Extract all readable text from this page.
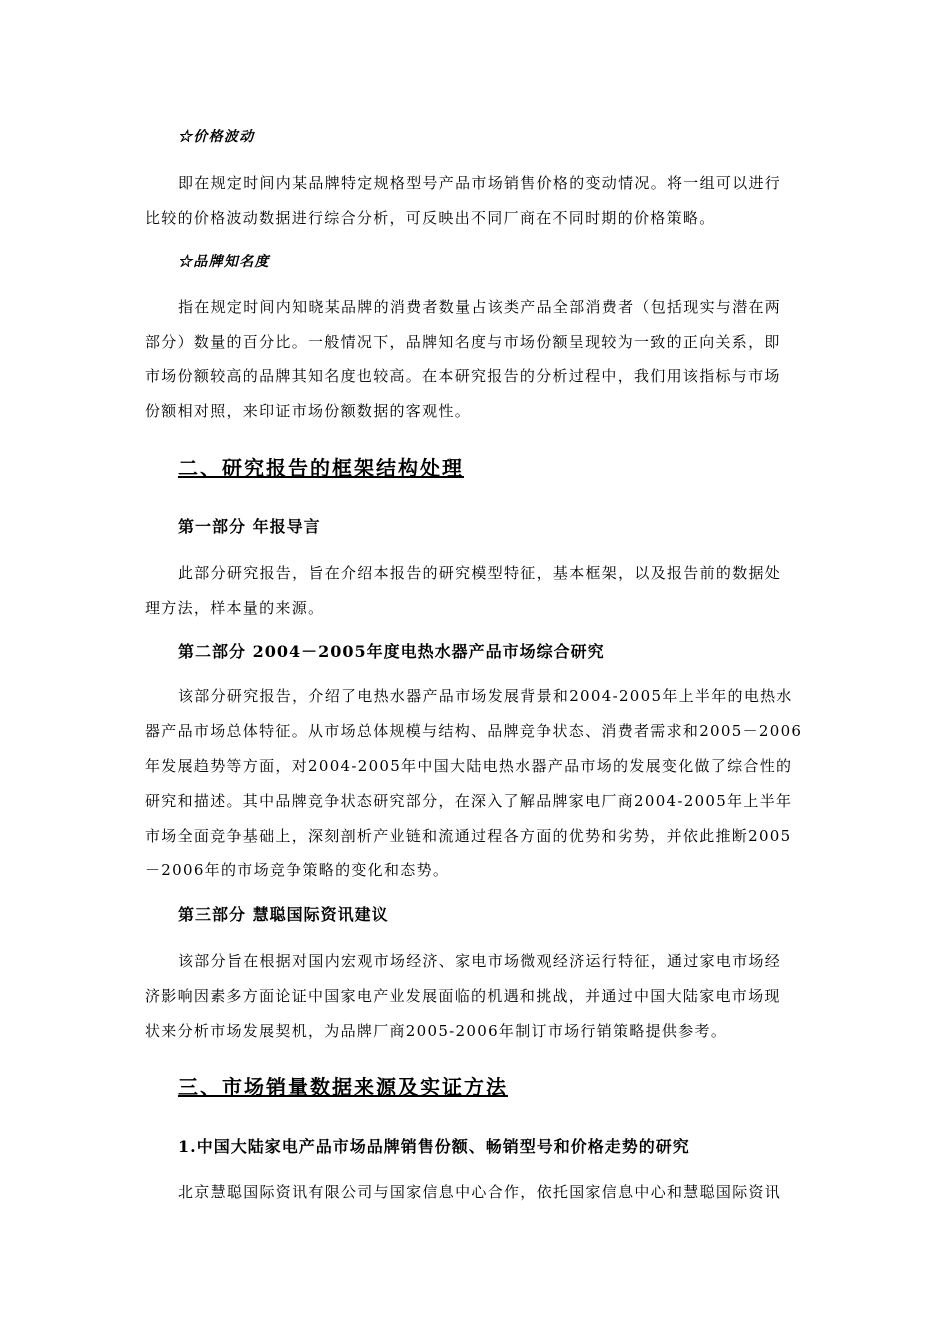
☆价格波动
即在规定时间内某品牌特定规格型号产品市场销售价格的变动情况。将一组可以进行
比较的价格波动数据进行综合分析，可反映出不同厂商在不同时期的价格策略。
☆品牌知名度
指在规定时间内知晓某品牌的消费者数量占该类产品全部消费者（包括现实与潜在两
部分）数量的百分比。一般情况下，品牌知名度与市场份额呈现较为一致的正向关系，即
市场份额较高的品牌其知名度也较高。在本研究报告的分析过程中，我们用该指标与市场
份额相对照，来印证市场份额数据的客观性。
二、研究报告的框架结构处理
第一部分 年报导言
此部分研究报告，旨在介绍本报告的研究模型特征，基本框架，以及报告前的数据处
理方法，样本量的来源。
第二部分 2004－2005年度电热水器产品市场综合研究
该部分研究报告，介绍了电热水器产品市场发展背景和2004-2005年上半年的电热水
器产品市场总体特征。从市场总体规模与结构、品牌竞争状态、消费者需求和2005－2006
年发展趋势等方面，对2004-2005年中国大陆电热水器产品市场的发展变化做了综合性的
研究和描述。其中品牌竞争状态研究部分，在深入了解品牌家电厂商2004-2005年上半年
市场全面竞争基础上，深刻剖析产业链和流通过程各方面的优势和劣势，并依此推断2005
－2006年的市场竞争策略的变化和态势。
第三部分 慧聪国际资讯建议
该部分旨在根据对国内宏观市场经济、家电市场微观经济运行特征，通过家电市场经
济影响因素多方面论证中国家电产业发展面临的机遇和挑战，并通过中国大陆家电市场现
状来分析市场发展契机，为品牌厂商2005-2006年制订市场行销策略提供参考。
三、市场销量数据来源及实证方法
1.中国大陆家电产品市场品牌销售份额、畅销型号和价格走势的研究
北京慧聪国际资讯有限公司与国家信息中心合作，依托国家信息中心和慧聪国际资讯
